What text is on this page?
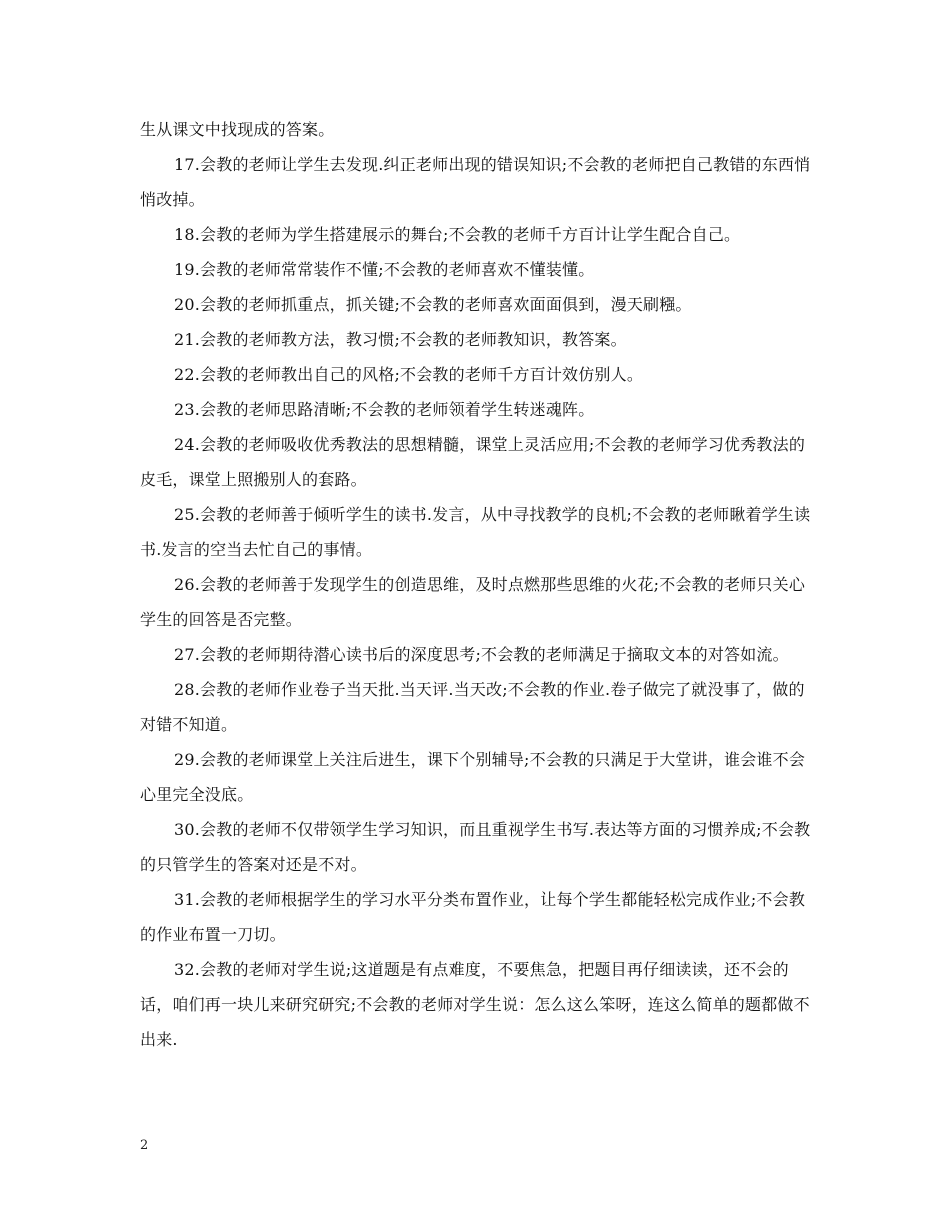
生从课文中找现成的答案。

17.会教的老师让学生去发现.纠正老师出现的错误知识;不会教的老师把自己教错的东西悄悄改掉。

18.会教的老师为学生搭建展示的舞台;不会教的老师千方百计让学生配合自己。

19.会教的老师常常装作不懂;不会教的老师喜欢不懂装懂。

20.会教的老师抓重点，抓关键;不会教的老师喜欢面面俱到，漫天刷糨。

21.会教的老师教方法，教习惯;不会教的老师教知识，教答案。

22.会教的老师教出自己的风格;不会教的老师千方百计效仿别人。

23.会教的老师思路清晰;不会教的老师领着学生转迷魂阵。

24.会教的老师吸收优秀教法的思想精髓，课堂上灵活应用;不会教的老师学习优秀教法的皮毛，课堂上照搬别人的套路。

25.会教的老师善于倾听学生的读书.发言，从中寻找教学的良机;不会教的老师瞅着学生读书.发言的空当去忙自己的事情。

26.会教的老师善于发现学生的创造思维，及时点燃那些思维的火花;不会教的老师只关心学生的回答是否完整。

27.会教的老师期待潜心读书后的深度思考;不会教的老师满足于摘取文本的对答如流。

28.会教的老师作业卷子当天批.当天评.当天改;不会教的作业.卷子做完了就没事了，做的对错不知道。

29.会教的老师课堂上关注后进生，课下个别辅导;不会教的只满足于大堂讲，谁会谁不会心里完全没底。

30.会教的老师不仅带领学生学习知识，而且重视学生书写.表达等方面的习惯养成;不会教的只管学生的答案对还是不对。

31.会教的老师根据学生的学习水平分类布置作业，让每个学生都能轻松完成作业;不会教的作业布置一刀切。

32.会教的老师对学生说;这道题是有点难度，不要焦急，把题目再仔细读读，还不会的话，咱们再一块儿来研究研究;不会教的老师对学生说：怎么这么笨呀，连这么简单的题都做不出来.

2
